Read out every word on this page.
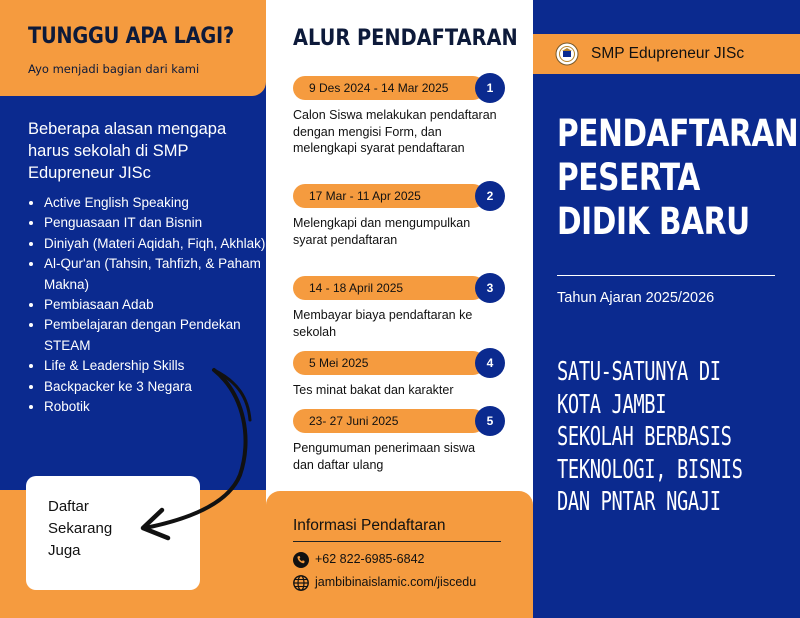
TUNGGU APA LAGI?
Ayo menjadi bagian dari kami
Beberapa alasan mengapa harus sekolah di SMP Edupreneur JISc
• Active English Speaking
• Penguasaan IT dan Bisnin
• Diniyah (Materi Aqidah, Fiqh, Akhlak)
• Al-Qur'an (Tahsin, Tahfizh, & Paham Makna)
• Pembiasaan Adab
• Pembelajaran dengan Pendekan STEAM
• Life & Leadership Skills
• Backpacker ke 3 Negara
• Robotik
Daftar
Sekarang
Juga
ALUR PENDAFTARAN
9 Des 2024 - 14 Mar 2025	1
Calon Siswa melakukan pendaftaran dengan mengisi Form, dan melengkapi syarat pendaftaran
17 Mar - 11 Apr 2025	2
Melengkapi dan mengumpulkan syarat pendaftaran
14 - 18 April 2025	3
Membayar biaya pendaftaran ke sekolah
5 Mei 2025	4
Tes minat bakat dan karakter
23- 27 Juni 2025	5
Pengumuman penerimaan siswa dan daftar ulang
Informasi Pendaftaran
+62 822-6985-6842
jambibinaislamic.com/jiscedu
SMP Edupreneur JISc
PENDAFTARAN
PESERTA
DIDIK BARU
Tahun Ajaran 2025/2026
SATU-SATUNYA DI
KOTA JAMBI
SEKOLAH BERBASIS
TEKNOLOGI, BISNIS
DAN PNTAR NGAJI
